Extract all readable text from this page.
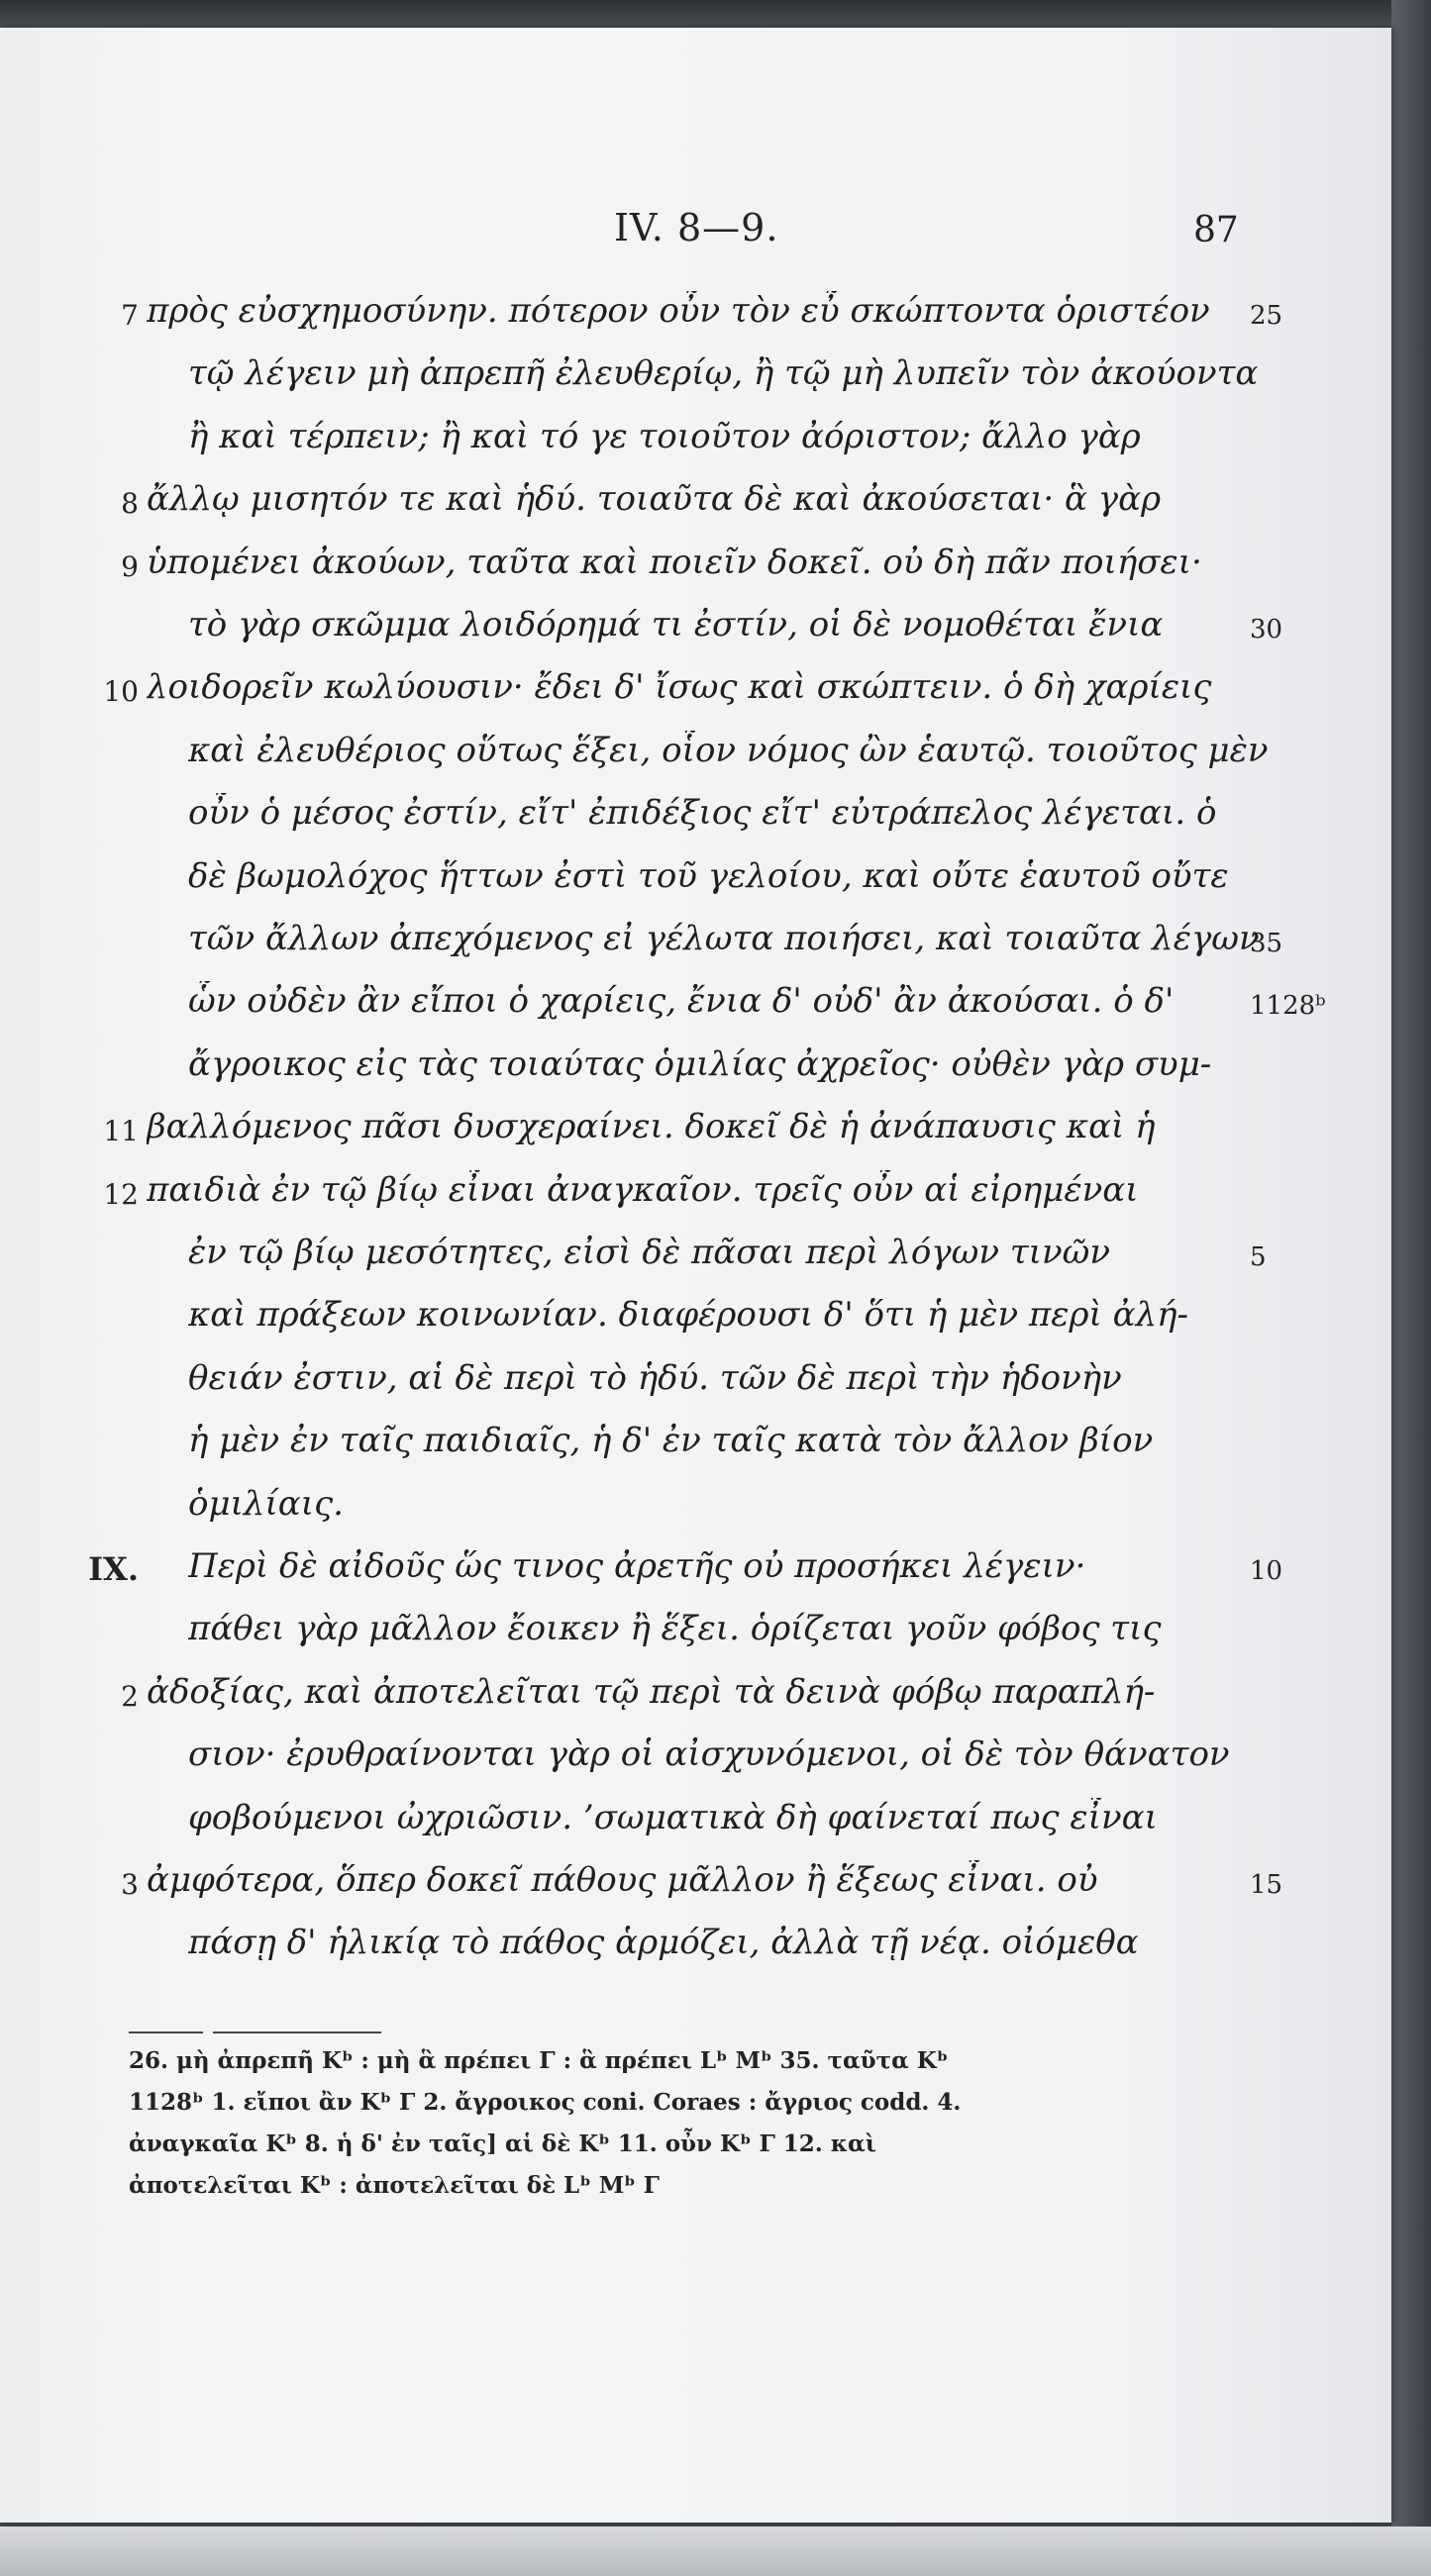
IV. 8—9.	87
7 πρὸς εὐσχημοσύνην. πότερον οὖν τὸν εὖ σκώπτοντα ὁριστέον	25
τῷ λέγειν μὴ ἀπρεπῆ ἐλευθερίῳ, ἢ τῷ μὴ λυπεῖν τὸν ἀκούοντα
ἢ καὶ τέρπειν; ἢ καὶ τό γε τοιοῦτον ἀόριστον; ἄλλο γὰρ
8 ἄλλῳ μισητόν τε καὶ ἡδύ. τοιαῦτα δὲ καὶ ἀκούσεται· ἃ γὰρ
9 ὑπομένει ἀκούων, ταῦτα καὶ ποιεῖν δοκεῖ. οὐ δὴ πᾶν ποιήσει·
τὸ γὰρ σκῶμμα λοιδόρημά τι ἐστίν, οἱ δὲ νομοθέται ἔνια	30
10 λοιδορεῖν κωλύουσιν· ἔδει δ' ἴσως καὶ σκώπτειν. ὁ δὴ χαρίεις
καὶ ἐλευθέριος οὕτως ἕξει, οἷον νόμος ὢν ἑαυτῷ. τοιοῦτος μὲν
οὖν ὁ μέσος ἐστίν, εἴτ' ἐπιδέξιος εἴτ' εὐτράπελος λέγεται. ὁ
δὲ βωμολόχος ἥττων ἐστὶ τοῦ γελοίου, καὶ οὔτε ἑαυτοῦ οὔτε
τῶν ἄλλων ἀπεχόμενος εἰ γέλωτα ποιήσει, καὶ τοιαῦτα λέγων
35
ὧν οὐδὲν ἂν εἴποι ὁ χαρίεις, ἔνια δ' οὐδ' ἂν ἀκούσαι. ὁ δ'	1128ᵇ
ἄγροικος εἰς τὰς τοιαύτας ὁμιλίας ἀχρεῖος· οὐθὲν γὰρ συμ-
11 βαλλόμενος πᾶσι δυσχεραίνει. δοκεῖ δὲ ἡ ἀνάπαυσις καὶ ἡ
12 παιδιὰ ἐν τῷ βίῳ εἶναι ἀναγκαῖον. τρεῖς οὖν αἱ εἰρημέναι
ἐν τῷ βίῳ μεσότητες, εἰσὶ δὲ πᾶσαι περὶ λόγων τινῶν	5
καὶ πράξεων κοινωνίαν. διαφέρουσι δ' ὅτι ἡ μὲν περὶ ἀλή-
θειάν ἐστιν, αἱ δὲ περὶ τὸ ἡδύ. τῶν δὲ περὶ τὴν ἡδονὴν
ἡ μὲν ἐν ταῖς παιδιαῖς, ἡ δ' ἐν ταῖς κατὰ τὸν ἄλλον βίον
ὁμιλίαις.
IX. Περὶ δὲ αἰδοῦς ὥς τινος ἀρετῆς οὐ προσήκει λέγειν·	10
πάθει γὰρ μᾶλλον ἔοικεν ἢ ἕξει. ὁρίζεται γοῦν φόβος τις
2 ἀδοξίας, καὶ ἀποτελεῖται τῷ περὶ τὰ δεινὰ φόβῳ παραπλή-
σιον· ἐρυθραίνονται γὰρ οἱ αἰσχυνόμενοι, οἱ δὲ τὸν θάνατον
φοβούμενοι ὠχριῶσιν. ’σωματικὰ δὴ φαίνεταί πως εἶναι
3 ἀμφότερα, ὅπερ δοκεῖ πάθους μᾶλλον ἢ ἕξεως εἶναι. οὐ	15
πάσῃ δ' ἡλικίᾳ τὸ πάθος ἁρμόζει, ἀλλὰ τῇ νέᾳ. οἰόμεθα
26. μὴ ἀπρεπῆ Kᵇ : μὴ ἃ πρέπει Γ : ἃ πρέπει Lᵇ Mᵇ 35. ταῦτα Kᵇ
1128ᵇ 1. εἴποι ἂν Kᵇ Γ 2. ἄγροικος coni. Coraes : ἄγριος codd. 4.
ἀναγκαῖα Kᵇ 8. ἡ δ' ἐν ταῖς] αἱ δὲ Kᵇ 11. οὖν Kᵇ Γ 12. καὶ
ἀποτελεῖται Kᵇ : ἀποτελεῖται δὲ Lᵇ Mᵇ Γ
